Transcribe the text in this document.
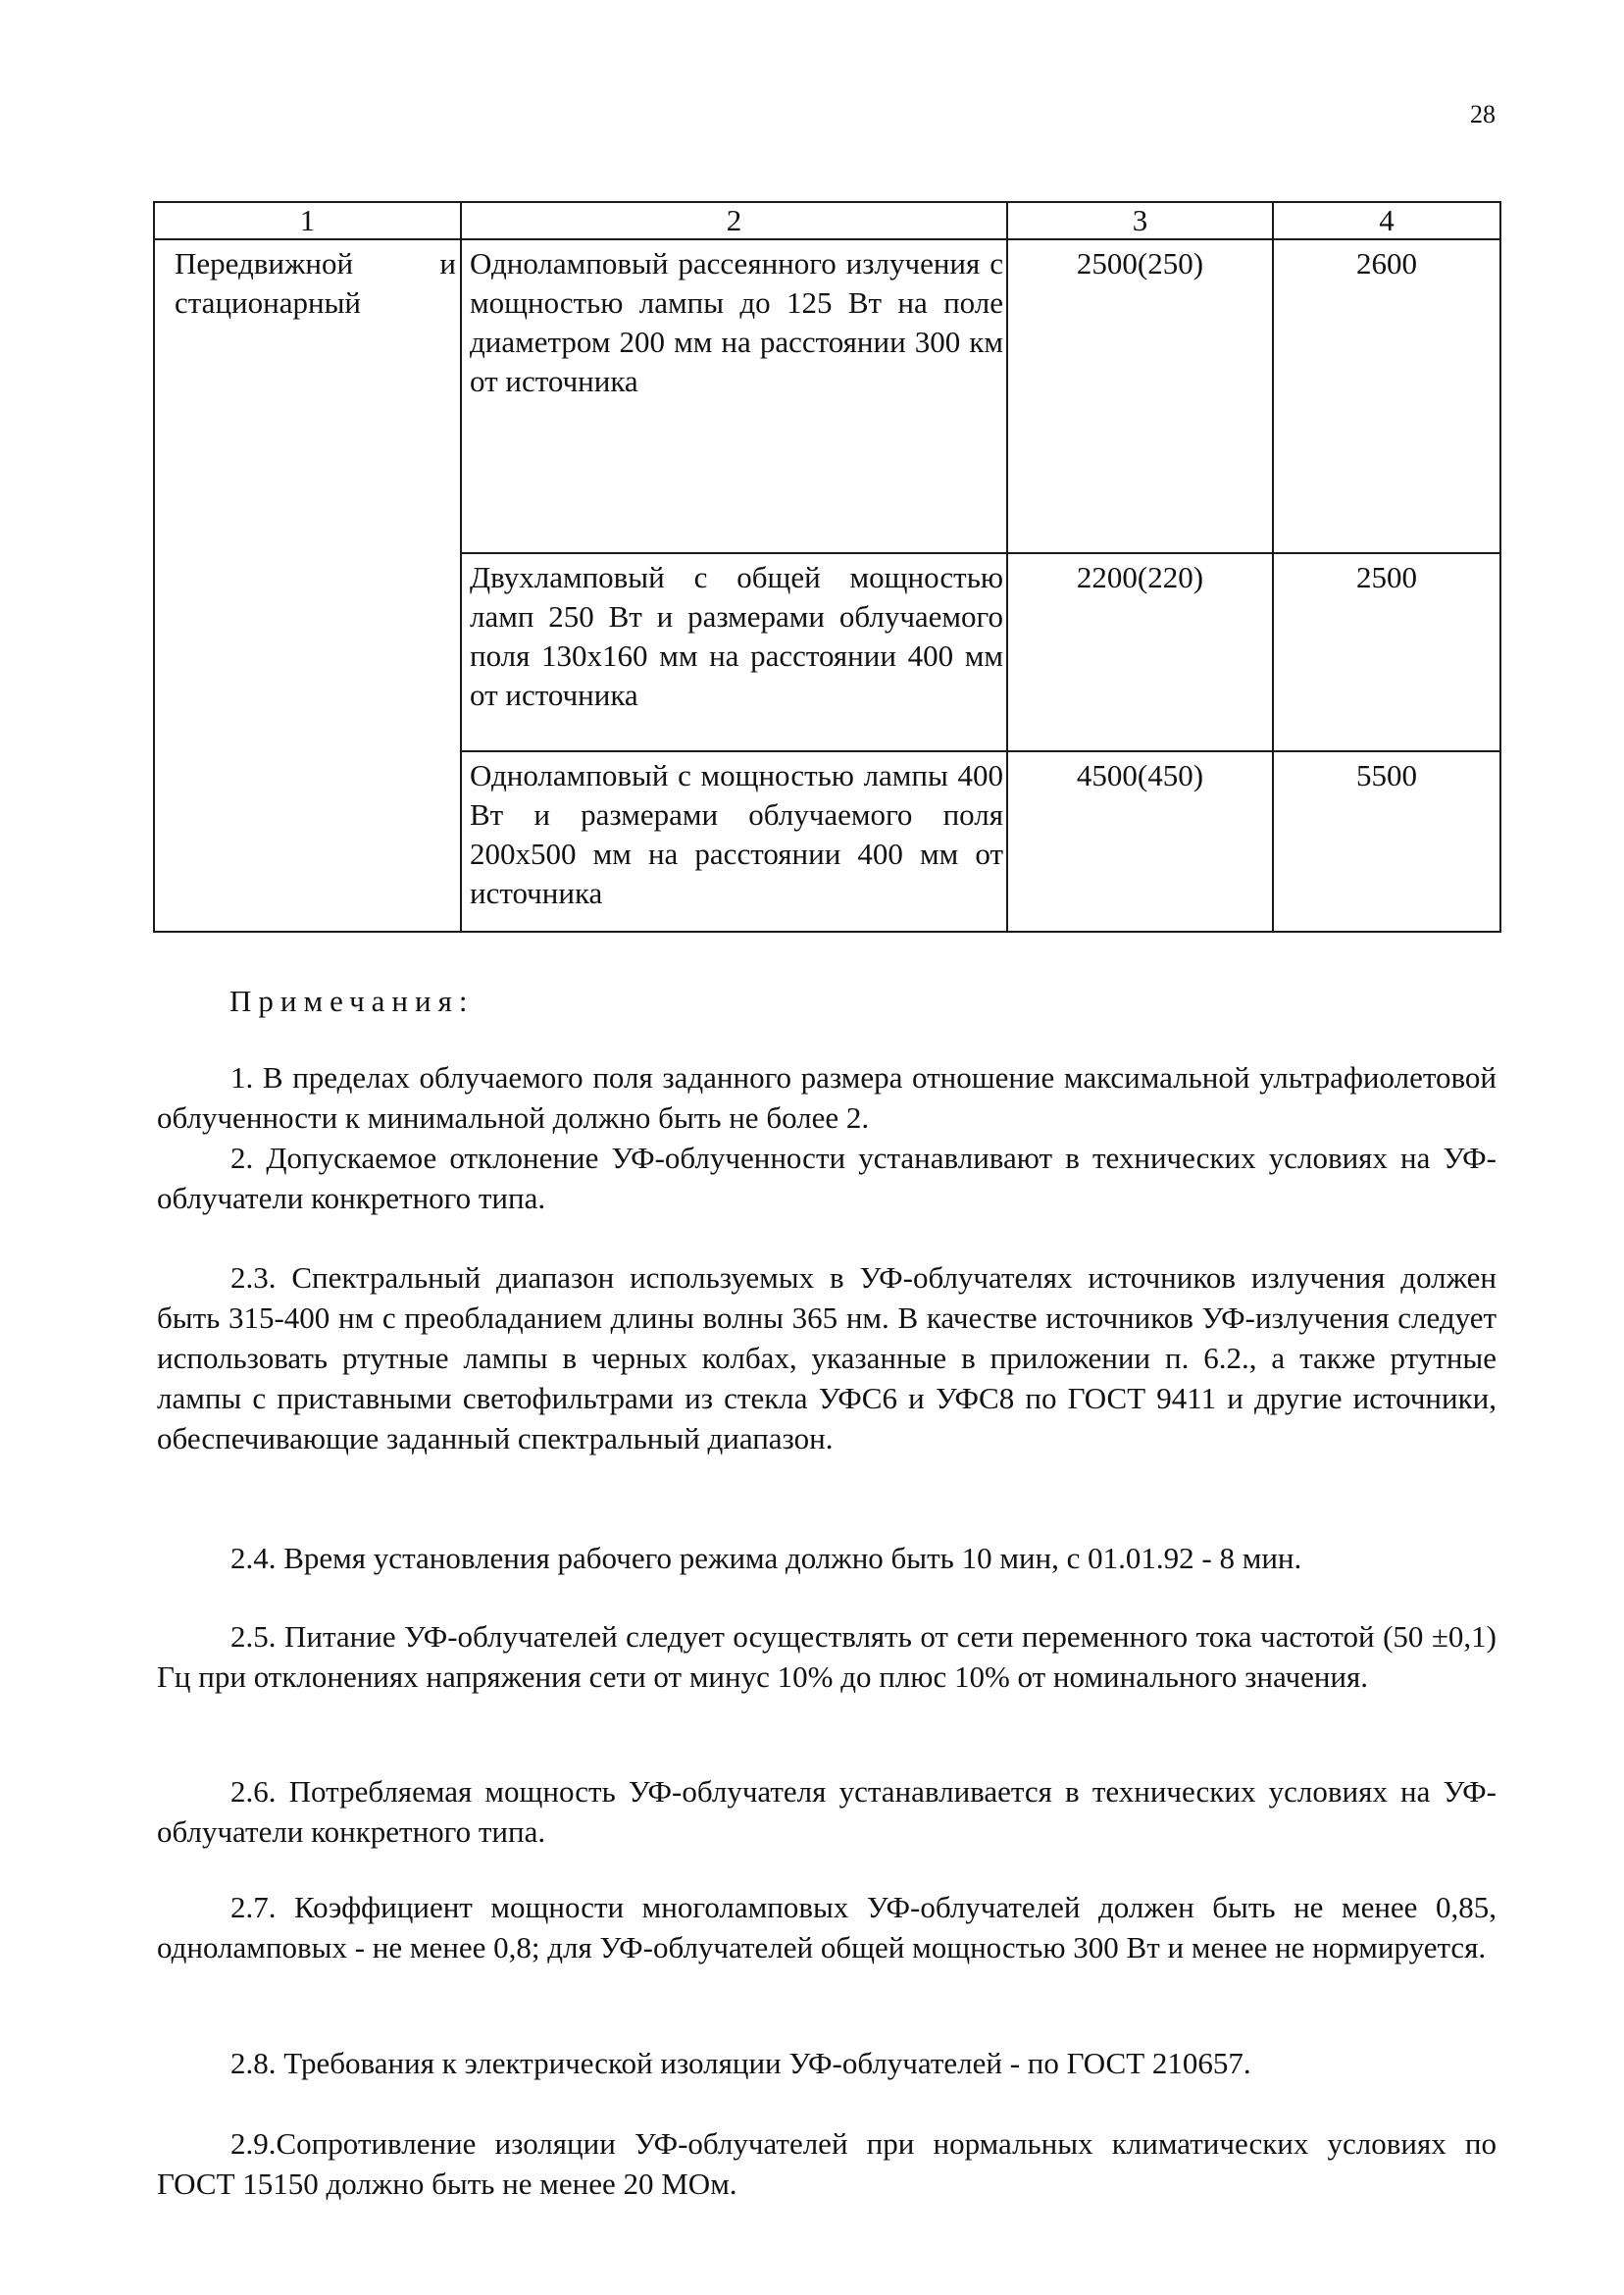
28
1	2	3	4
Передвижной и стационарный	Одноламповый рассеянного излучения с мощностью лампы до 125 Вт на поле диаметром 200 мм на расстоянии 300 км от источника	2500(250)	2600
	Двухламповый с общей мощностью ламп 250 Вт и размерами облучаемого поля 130х160 мм на расстоянии 400 мм от источника	2200(220)	2500
	Одноламповый с мощностью лампы 400 Вт и размерами облучаемого поля 200х500 мм на расстоянии 400 мм от источника	4500(450)	5500
Примечания:
1. В пределах облучаемого поля заданного размера отношение максимальной ультрафиолетовой облученности к минимальной должно быть не более 2.
2. Допускаемое отклонение УФ-облученности устанавливают в технических условиях на УФ-облучатели конкретного типа.
2.3. Спектральный диапазон используемых в УФ-облучателях источников излучения должен быть 315-400 нм с преобладанием длины волны 365 нм. В качестве источников УФ-излучения следует использовать ртутные лампы в черных колбах, указанные в приложении п. 6.2., а также ртутные лампы с приставными светофильтрами из стекла УФС6 и УФС8 по ГОСТ 9411 и другие источники, обеспечивающие заданный спектральный диапазон.
2.4. Время установления рабочего режима должно быть 10 мин, с 01.01.92 - 8 мин.
2.5. Питание УФ-облучателей следует осуществлять от сети переменного тока частотой (50 ±0,1) Гц при отклонениях напряжения сети от минус 10% до плюс 10% от номинального значения.
2.6. Потребляемая мощность УФ-облучателя устанавливается в технических условиях на УФ-облучатели конкретного типа.
2.7. Коэффициент мощности многоламповых УФ-облучателей должен быть не менее 0,85, одноламповых - не менее 0,8; для УФ-облучателей общей мощностью 300 Вт и менее не нормируется.
2.8. Требования к электрической изоляции УФ-облучателей - по ГОСТ 210657.
2.9.Сопротивление изоляции УФ-облучателей при нормальных климатических условиях по ГОСТ 15150 должно быть не менее 20 МОм.
